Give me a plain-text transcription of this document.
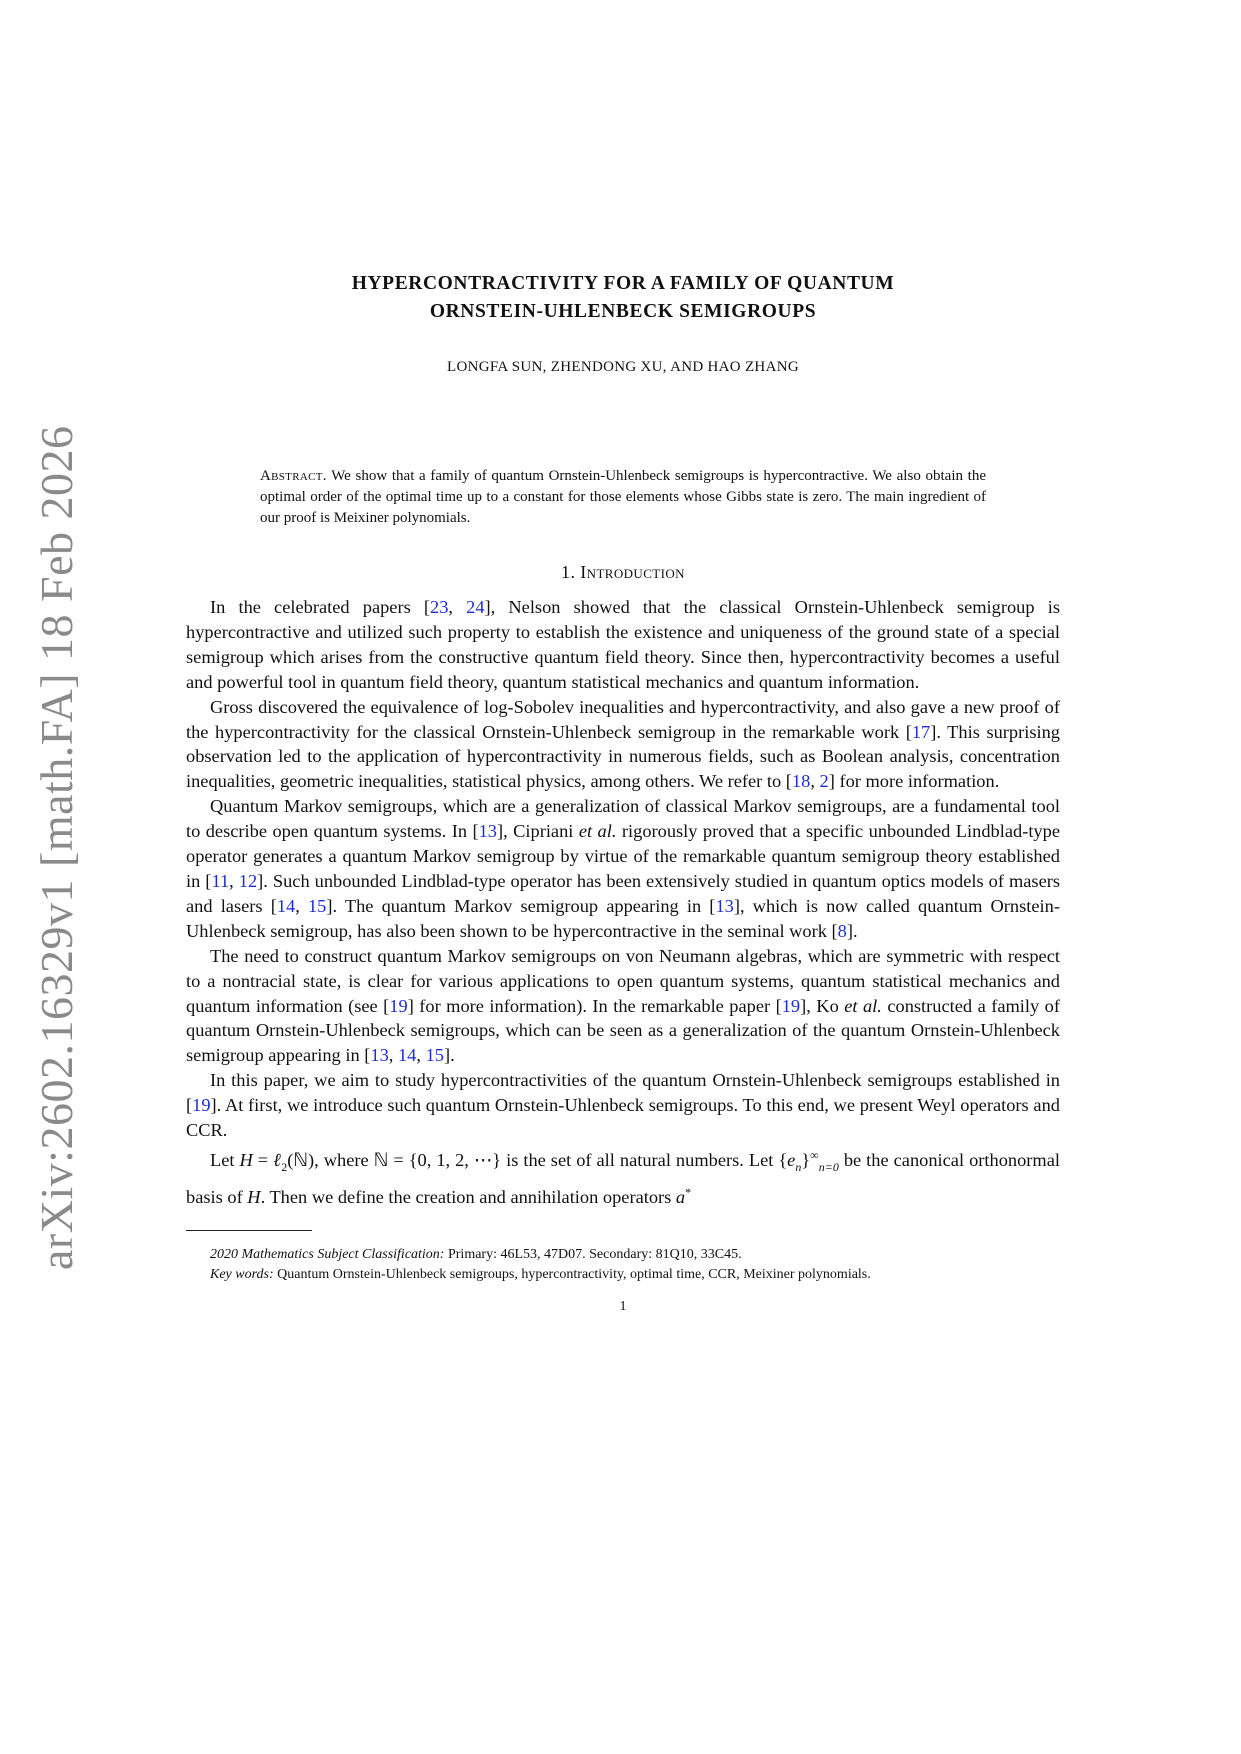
arXiv:2602.16329v1 [math.FA] 18 Feb 2026
HYPERCONTRACTIVITY FOR A FAMILY OF QUANTUM
ORNSTEIN-UHLENBECK SEMIGROUPS

LONGFA SUN, ZHENDONG XU, AND HAO ZHANG

Abstract. We show that a family of quantum Ornstein-Uhlenbeck semigroups is hypercontractive. We also obtain the optimal order of the optimal time up to a constant for those elements whose Gibbs state is zero. The main ingredient of our proof is Meixiner polynomials.
1. Introduction

In the celebrated papers [23, 24], Nelson showed that the classical Ornstein-Uhlenbeck semigroup is hypercontractive and utilized such property to establish the existence and uniqueness of the ground state of a special semigroup which arises from the constructive quantum field theory. Since then, hypercontractivity becomes a useful and powerful tool in quantum field theory, quantum statistical mechanics and quantum information.

Gross discovered the equivalence of log-Sobolev inequalities and hypercontractivity, and also gave a new proof of the hypercontractivity for the classical Ornstein-Uhlenbeck semigroup in the remarkable work [17]. This surprising observation led to the application of hypercontractivity in numerous fields, such as Boolean analysis, concentration inequalities, geometric inequalities, statistical physics, among others. We refer to [18, 2] for more information.

Quantum Markov semigroups, which are a generalization of classical Markov semigroups, are a fundamental tool to describe open quantum systems. In [13], Cipriani et al. rigorously proved that a specific unbounded Lindblad-type operator generates a quantum Markov semigroup by virtue of the remarkable quantum semigroup theory established in [11, 12]. Such unbounded Lindblad-type operator has been extensively studied in quantum optics models of masers and lasers [14, 15]. The quantum Markov semigroup appearing in [13], which is now called quantum Ornstein-Uhlenbeck semigroup, has also been shown to be hypercontractive in the seminal work [8].

The need to construct quantum Markov semigroups on von Neumann algebras, which are symmetric with respect to a nontracial state, is clear for various applications to open quantum systems, quantum statistical mechanics and quantum information (see [19] for more information). In the remarkable paper [19], Ko et al. constructed a family of quantum Ornstein-Uhlenbeck semigroups, which can be seen as a generalization of the quantum Ornstein-Uhlenbeck semigroup appearing in [13, 14, 15].

In this paper, we aim to study hypercontractivities of the quantum Ornstein-Uhlenbeck semigroups established in [19]. At first, we introduce such quantum Ornstein-Uhlenbeck semigroups. To this end, we present Weyl operators and CCR.

Let H = ℓ$_2$(ℕ), where ℕ = {0, 1, 2, ⋯} is the set of all natural numbers. Let $\{e_n\}^\infty_{n=0}$ be the canonical orthonormal basis of H. Then we define the creation and annihilation operators a*

2020 Mathematics Subject Classification: Primary: 46L53, 47D07. Secondary: 81Q10, 33C45.

Key words: Quantum Ornstein-Uhlenbeck semigroups, hypercontractivity, optimal time, CCR, Meixiner polynomials.

1
